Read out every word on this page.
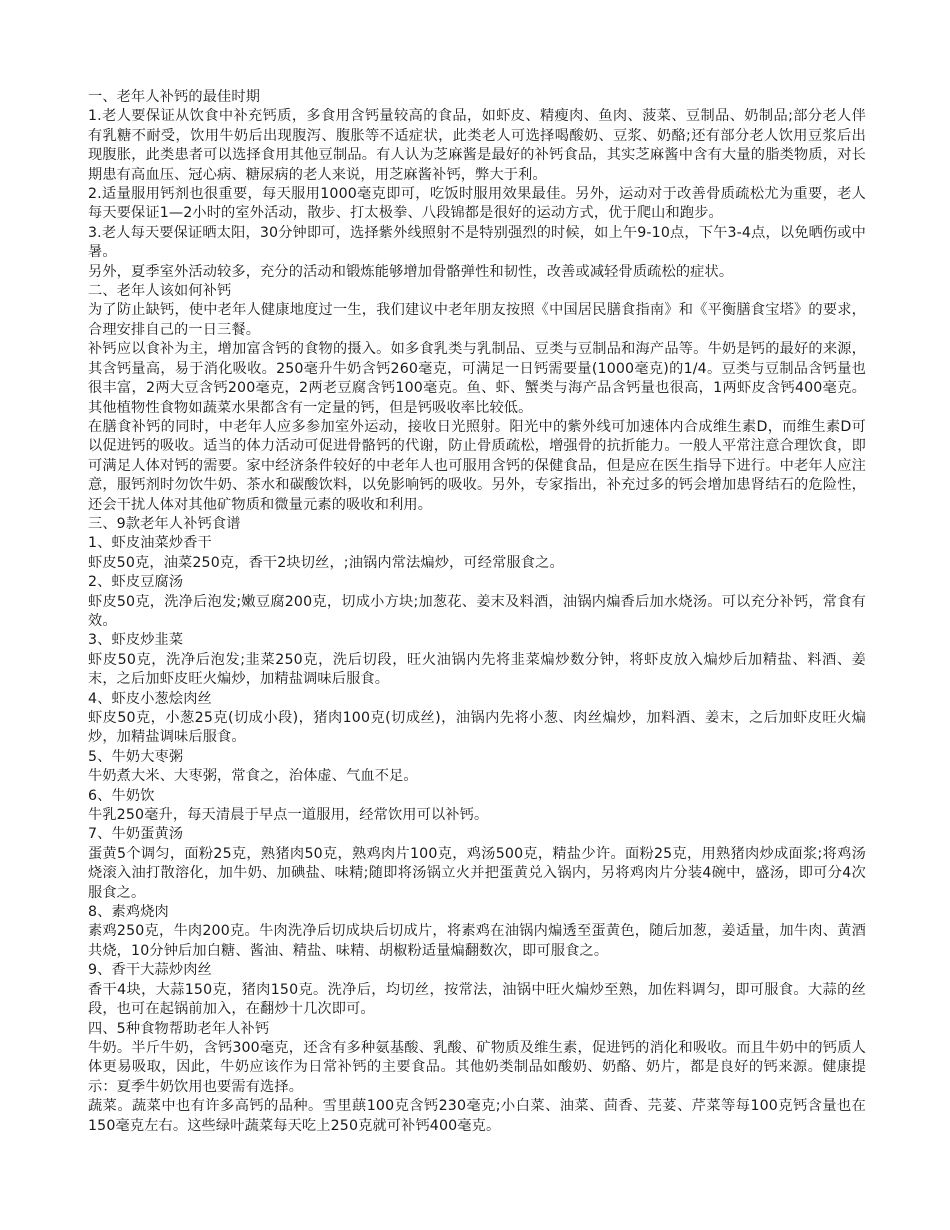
一、老年人补钙的最佳时期

1.老人要保证从饮食中补充钙质，多食用含钙量较高的食品，如虾皮、精瘦肉、鱼肉、菠菜、豆制品、奶制品;部分老人伴有乳糖不耐受，饮用牛奶后出现腹泻、腹胀等不适症状，此类老人可选择喝酸奶、豆浆、奶酪;还有部分老人饮用豆浆后出现腹胀，此类患者可以选择食用其他豆制品。有人认为芝麻酱是最好的补钙食品，其实芝麻酱中含有大量的脂类物质，对长期患有高血压、冠心病、糖尿病的老人来说，用芝麻酱补钙，弊大于利。

2.适量服用钙剂也很重要，每天服用1000毫克即可，吃饭时服用效果最佳。另外，运动对于改善骨质疏松尤为重要，老人每天要保证1—2小时的室外活动，散步、打太极拳、八段锦都是很好的运动方式，优于爬山和跑步。

3.老人每天要保证晒太阳，30分钟即可，选择紫外线照射不是特别强烈的时候，如上午9-10点，下午3-4点，以免晒伤或中暑。

另外，夏季室外活动较多，充分的活动和锻炼能够增加骨骼弹性和韧性，改善或减轻骨质疏松的症状。

二、老年人该如何补钙

为了防止缺钙，使中老年人健康地度过一生，我们建议中老年朋友按照《中国居民膳食指南》和《平衡膳食宝塔》的要求，合理安排自己的一日三餐。

补钙应以食补为主，增加富含钙的食物的摄入。如多食乳类与乳制品、豆类与豆制品和海产品等。牛奶是钙的最好的来源，其含钙量高，易于消化吸收。250毫升牛奶含钙260毫克，可满足一日钙需要量(1000毫克)的1/4。豆类与豆制品含钙量也很丰富，2两大豆含钙200毫克，2两老豆腐含钙100毫克。鱼、虾、蟹类与海产品含钙量也很高，1两虾皮含钙400毫克。其他植物性食物如蔬菜水果都含有一定量的钙，但是钙吸收率比较低。

在膳食补钙的同时，中老年人应多参加室外运动，接收日光照射。阳光中的紫外线可加速体内合成维生素D，而维生素D可以促进钙的吸收。适当的体力活动可促进骨骼钙的代谢，防止骨质疏松，增强骨的抗折能力。一般人平常注意合理饮食，即可满足人体对钙的需要。家中经济条件较好的中老年人也可服用含钙的保健食品，但是应在医生指导下进行。中老年人应注意，服钙剂时勿饮牛奶、茶水和碳酸饮料，以免影响钙的吸收。另外，专家指出，补充过多的钙会增加患肾结石的危险性，还会干扰人体对其他矿物质和微量元素的吸收和利用。

三、9款老年人补钙食谱

1、虾皮油菜炒香干

虾皮50克，油菜250克，香干2块切丝，;油锅内常法煸炒，可经常服食之。

2、虾皮豆腐汤

虾皮50克，洗净后泡发;嫩豆腐200克，切成小方块;加葱花、姜末及料酒，油锅内煸香后加水烧汤。可以充分补钙，常食有效。

3、虾皮炒韭菜

虾皮50克，洗净后泡发;韭菜250克，洗后切段，旺火油锅内先将韭菜煸炒数分钟，将虾皮放入煸炒后加精盐、料酒、姜末，之后加虾皮旺火煸炒，加精盐调味后服食。

4、虾皮小葱烩肉丝

虾皮50克，小葱25克(切成小段)，猪肉100克(切成丝)，油锅内先将小葱、肉丝煸炒，加料酒、姜末，之后加虾皮旺火煸炒，加精盐调味后服食。

5、牛奶大枣粥

牛奶煮大米、大枣粥，常食之，治体虚、气血不足。

6、牛奶饮

牛乳250毫升，每天清晨于早点一道服用，经常饮用可以补钙。

7、牛奶蛋黄汤

蛋黄5个调匀，面粉25克，熟猪肉50克，熟鸡肉片100克，鸡汤500克，精盐少许。面粉25克，用熟猪肉炒成面浆;将鸡汤烧滚入油打散溶化，加牛奶、加碘盐、味精;随即将汤锅立火并把蛋黄兑入锅内，另将鸡肉片分装4碗中，盛汤，即可分4次服食之。

8、素鸡烧肉

素鸡250克，牛肉200克。牛肉洗净后切成块后切成片，将素鸡在油锅内煸透至蛋黄色，随后加葱，姜适量，加牛肉、黄酒共烧，10分钟后加白糖、酱油、精盐、味精、胡椒粉适量煸翻数次，即可服食之。

9、香干大蒜炒肉丝

香干4块，大蒜150克，猪肉150克。洗净后，均切丝，按常法，油锅中旺火煸炒至熟，加佐料调匀，即可服食。大蒜的丝段，也可在起锅前加入，在翻炒十几次即可。

四、5种食物帮助老年人补钙

牛奶。半斤牛奶，含钙300毫克，还含有多种氨基酸、乳酸、矿物质及维生素，促进钙的消化和吸收。而且牛奶中的钙质人体更易吸取，因此，牛奶应该作为日常补钙的主要食品。其他奶类制品如酸奶、奶酪、奶片，都是良好的钙来源。健康提示：夏季牛奶饮用也要需有选择。

蔬菜。蔬菜中也有许多高钙的品种。雪里蕻100克含钙230毫克;小白菜、油菜、茴香、芫荽、芹菜等每100克钙含量也在150毫克左右。这些绿叶蔬菜每天吃上250克就可补钙400毫克。
